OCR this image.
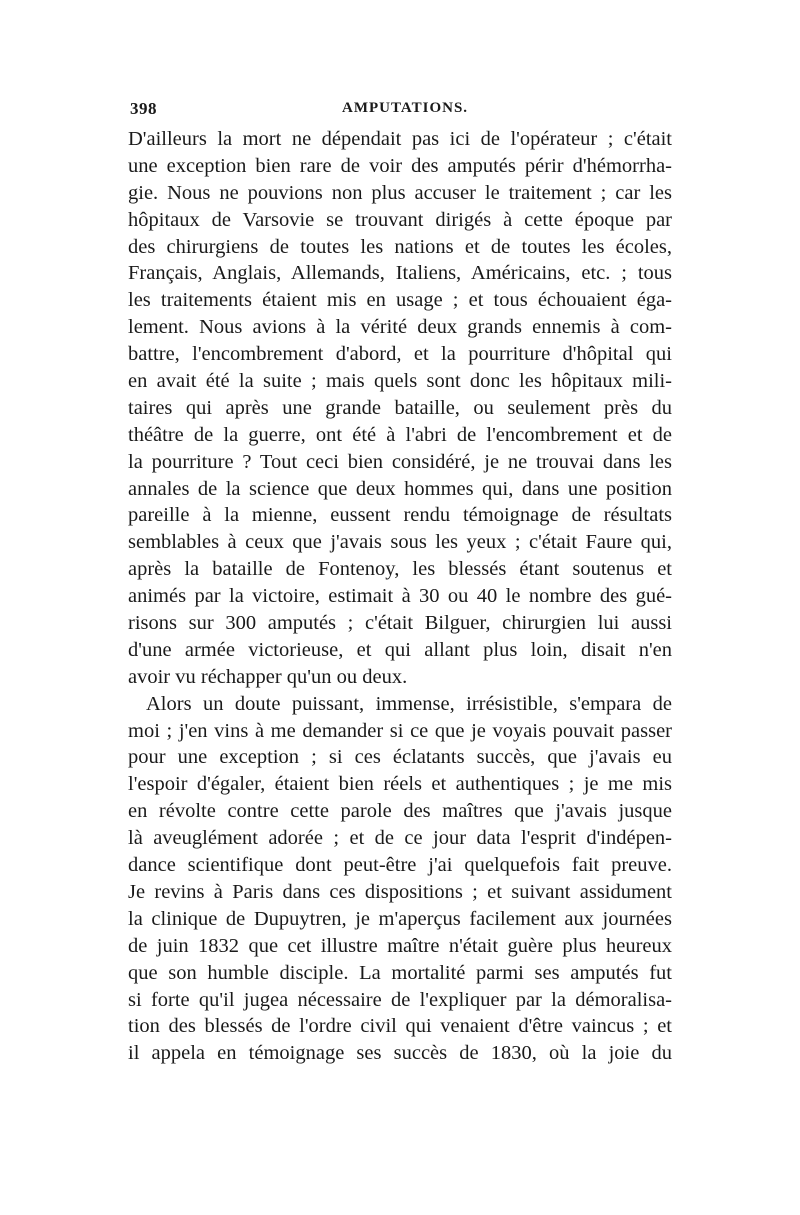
398	AMPUTATIONS.
D'ailleurs la mort ne dépendait pas ici de l'opérateur ; c'était
une exception bien rare de voir des amputés périr d'hémorrha-
gie. Nous ne pouvions non plus accuser le traitement ; car les
hôpitaux de Varsovie se trouvant dirigés à cette époque par
des chirurgiens de toutes les nations et de toutes les écoles,
Français, Anglais, Allemands, Italiens, Américains, etc. ; tous
les traitements étaient mis en usage ; et tous échouaient éga-
lement. Nous avions à la vérité deux grands ennemis à com-
battre, l'encombrement d'abord, et la pourriture d'hôpital qui
en avait été la suite ; mais quels sont donc les hôpitaux mili-
taires qui après une grande bataille, ou seulement près du
théâtre de la guerre, ont été à l'abri de l'encombrement et de
la pourriture ? Tout ceci bien considéré, je ne trouvai dans les
annales de la science que deux hommes qui, dans une position
pareille à la mienne, eussent rendu témoignage de résultats
semblables à ceux que j'avais sous les yeux ; c'était Faure qui,
après la bataille de Fontenoy, les blessés étant soutenus et
animés par la victoire, estimait à 30 ou 40 le nombre des gué-
risons sur 300 amputés ; c'était Bilguer, chirurgien lui aussi
d'une armée victorieuse, et qui allant plus loin, disait n'en
avoir vu réchapper qu'un ou deux.
Alors un doute puissant, immense, irrésistible, s'empara de
moi ; j'en vins à me demander si ce que je voyais pouvait passer
pour une exception ; si ces éclatants succès, que j'avais eu
l'espoir d'égaler, étaient bien réels et authentiques ; je me mis
en révolte contre cette parole des maîtres que j'avais jusque
là aveuglément adorée ; et de ce jour data l'esprit d'indépen-
dance scientifique dont peut-être j'ai quelquefois fait preuve.
Je revins à Paris dans ces dispositions ; et suivant assidument
la clinique de Dupuytren, je m'aperçus facilement aux journées
de juin 1832 que cet illustre maître n'était guère plus heureux
que son humble disciple. La mortalité parmi ses amputés fut
si forte qu'il jugea nécessaire de l'expliquer par la démoralisa-
tion des blessés de l'ordre civil qui venaient d'être vaincus ; et
il appela en témoignage ses succès de 1830, où la joie du
